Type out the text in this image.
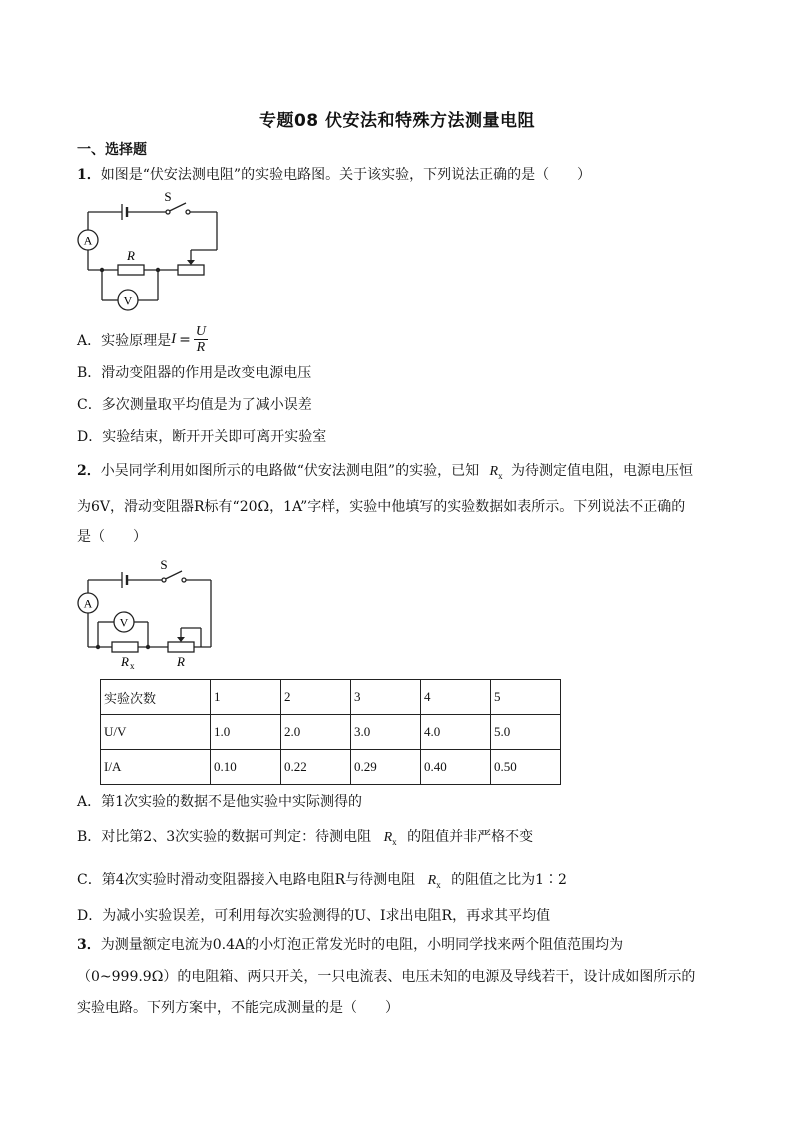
专题08 伏安法和特殊方法测量电阻
一、选择题
1．如图是“伏安法测电阻”的实验电路图。关于该实验，下列说法正确的是（　　）
S
A
V
R
A．实验原理是$I = \frac{U}{R}$
B．滑动变阻器的作用是改变电源电压
C．多次测量取平均值是为了减小误差
D．实验结束，断开开关即可离开实验室
2．小吴同学利用如图所示的电路做“伏安法测电阻”的实验，已知 $R_x$ 为待测定值电阻，电源电压恒
为6V，滑动变阻器R标有“20Ω，1A”字样，实验中他填写的实验数据如表所示。下列说法不正确的
是（　　）
S
A
V
R x	R
实验次数	1	2	3	4	5
U/V	1.0	2.0	3.0	4.0	5.0
I/A	0.10	0.22	0.29	0.40	0.50
A．第1次实验的数据不是他实验中实际测得的
B．对比第2、3次实验的数据可判定：待测电阻 $R_x$ 的阻值并非严格不变
C．第4次实验时滑动变阻器接入电路电阻R与待测电阻 $R_x$ 的阻值之比为1∶2
D．为减小实验误差，可利用每次实验测得的U、I求出电阻R，再求其平均值
3．为测量额定电流为0.4A的小灯泡正常发光时的电阻，小明同学找来两个阻值范围均为
（0~999.9Ω）的电阻箱、两只开关，一只电流表、电压未知的电源及导线若干，设计成如图所示的
实验电路。下列方案中，不能完成测量的是（　　）
